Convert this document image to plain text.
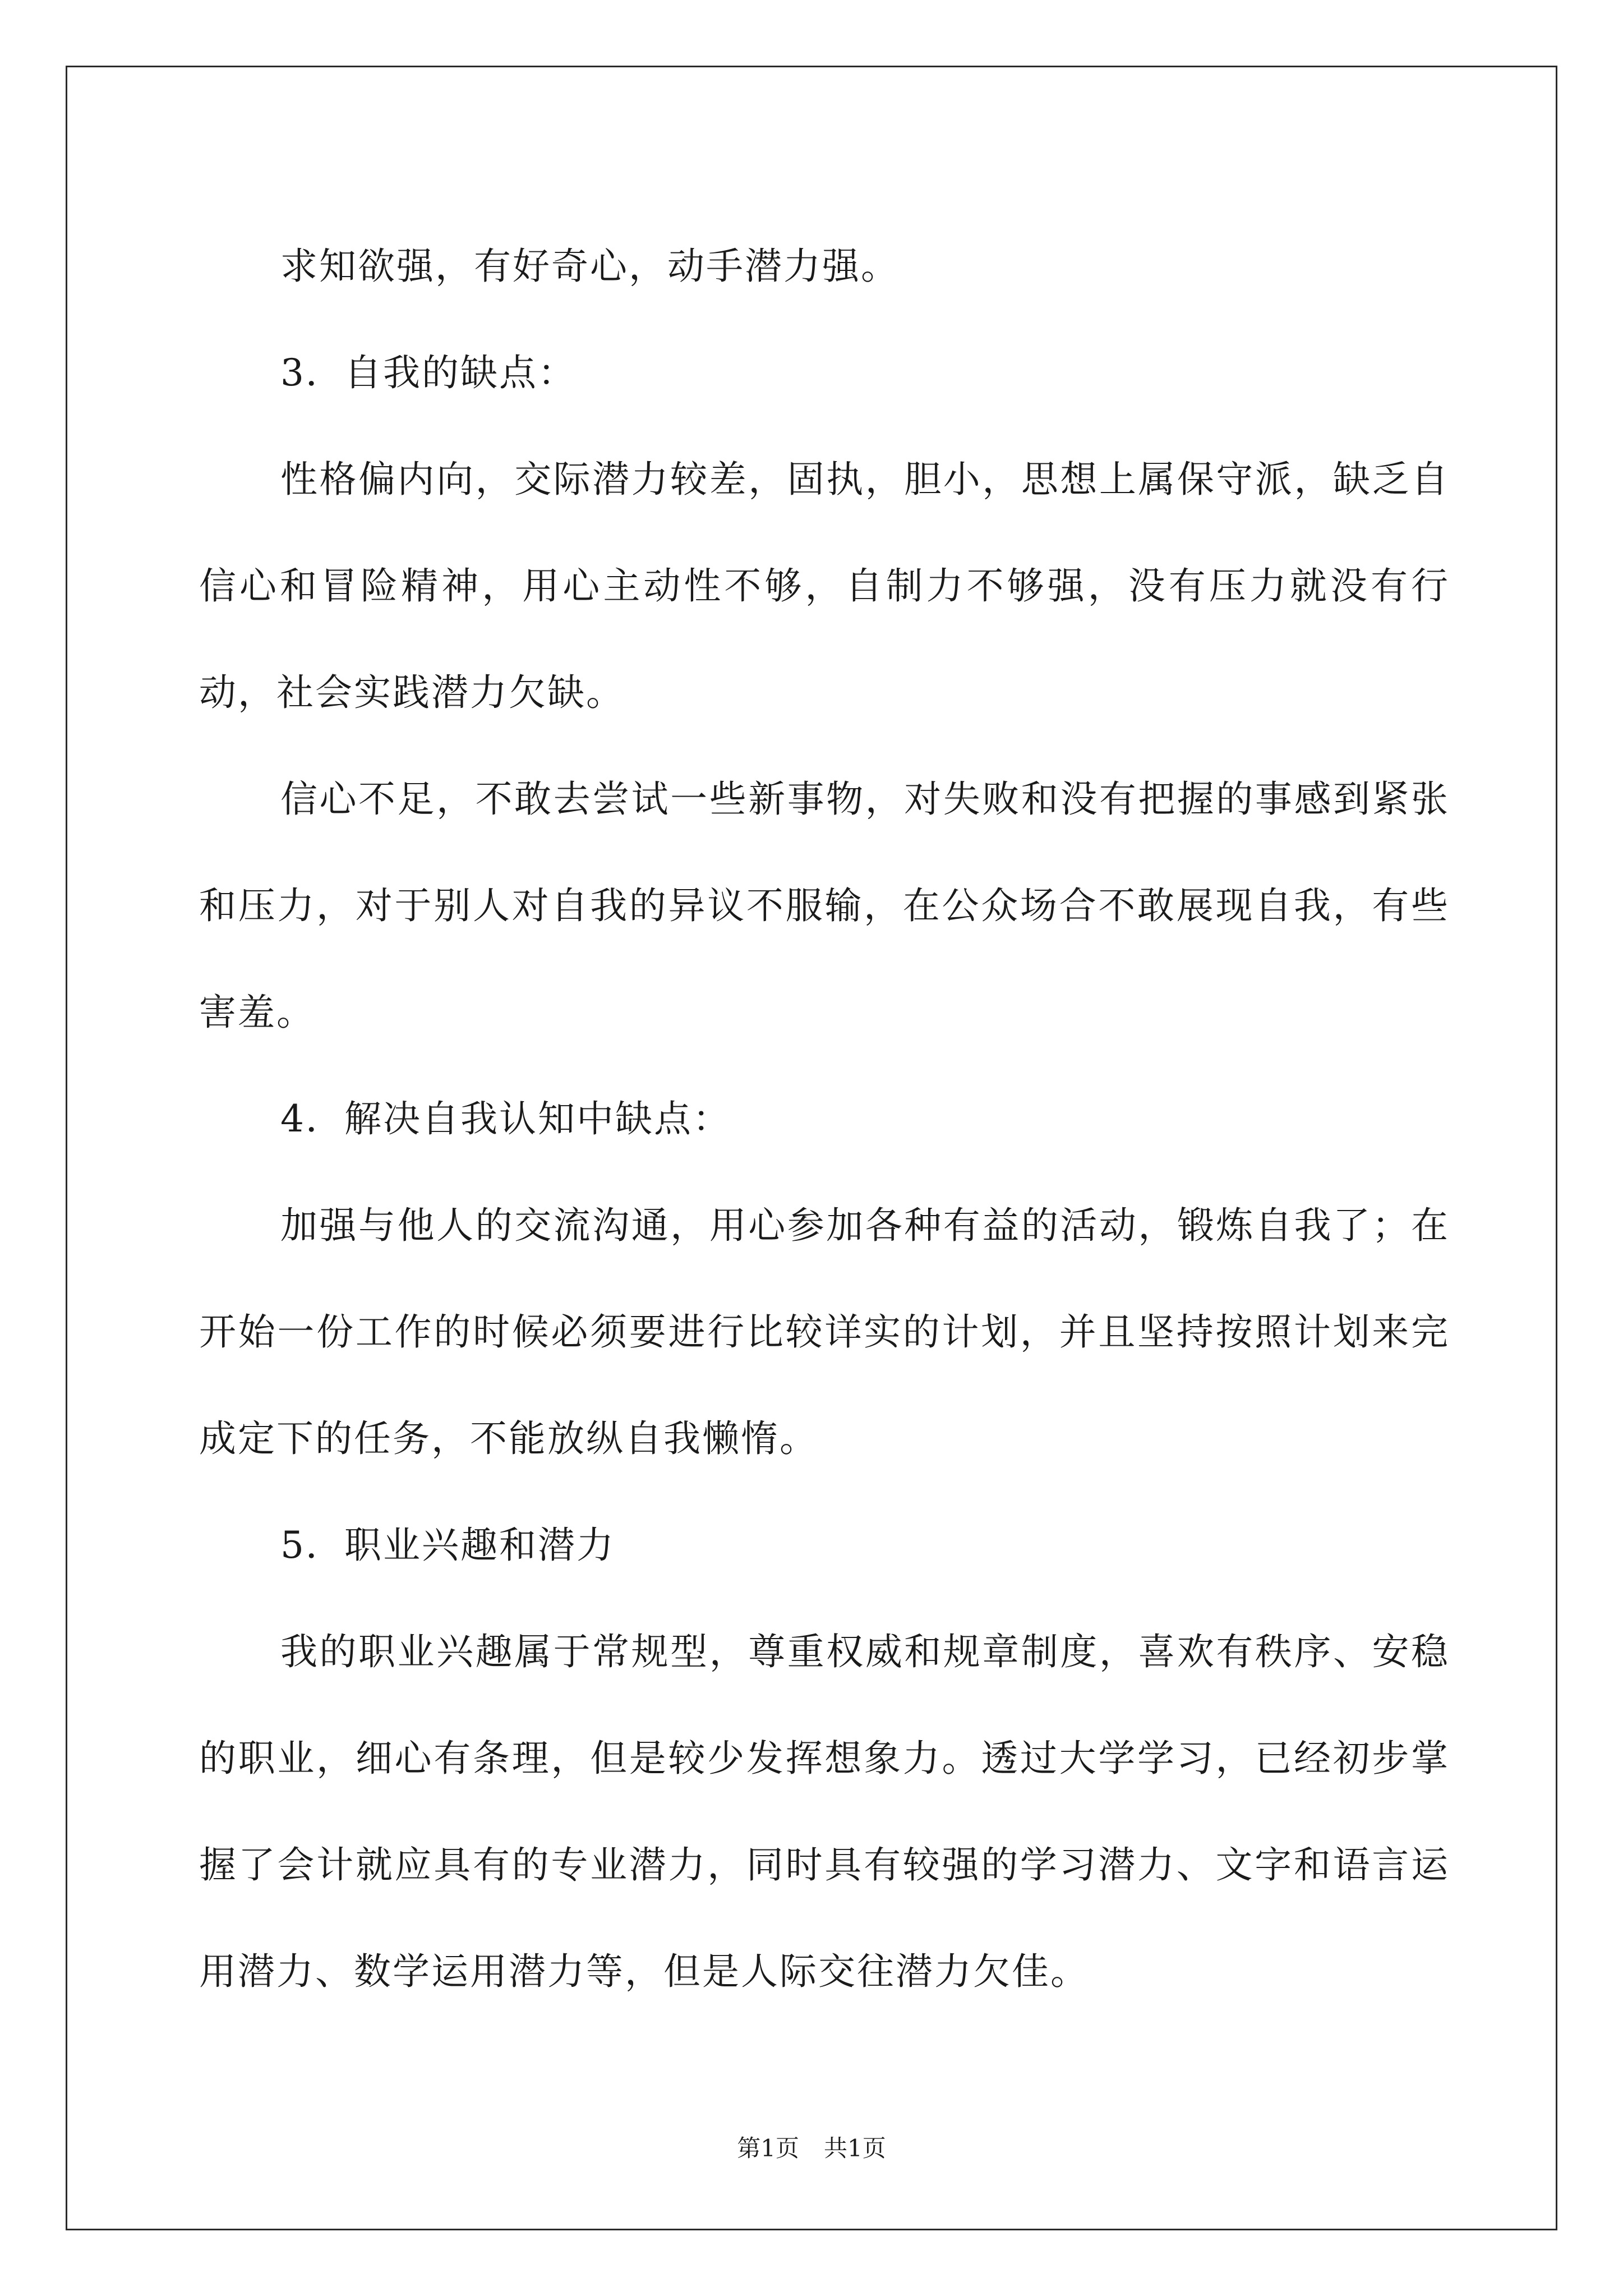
求知欲强，有好奇心，动手潜力强。

3．自我的缺点：

性格偏内向，交际潜力较差，固执，胆小，思想上属保守派，缺乏自信心和冒险精神，用心主动性不够，自制力不够强，没有压力就没有行动，社会实践潜力欠缺。

信心不足，不敢去尝试一些新事物，对失败和没有把握的事感到紧张和压力，对于别人对自我的异议不服输，在公众场合不敢展现自我，有些害羞。

4．解决自我认知中缺点：

加强与他人的交流沟通，用心参加各种有益的活动，锻炼自我了；在开始一份工作的时候必须要进行比较详实的计划，并且坚持按照计划来完成定下的任务，不能放纵自我懒惰。

5．职业兴趣和潜力

我的职业兴趣属于常规型，尊重权威和规章制度，喜欢有秩序、安稳的职业，细心有条理，但是较少发挥想象力。透过大学学习，已经初步掌握了会计就应具有的专业潜力，同时具有较强的学习潜力、文字和语言运用潜力、数学运用潜力等，但是人际交往潜力欠佳。

第1页 共1页
